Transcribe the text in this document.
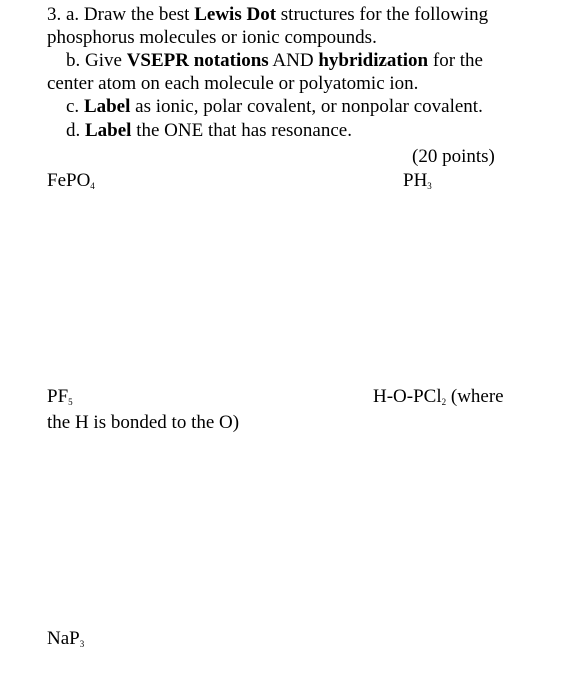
3. a. Draw the best Lewis Dot structures for the following
phosphorus molecules or ionic compounds.
b. Give VSEPR notations AND hybridization for the
center atom on each molecule or polyatomic ion.
c. Label as ionic, polar covalent, or nonpolar covalent.
d. Label the ONE that has resonance.
(20 points)
FePO$_4$	$PH_3$
$PF_5$	H-O-PCl$_2$ (where
the H is bonded to the O)
NaP$_3$
